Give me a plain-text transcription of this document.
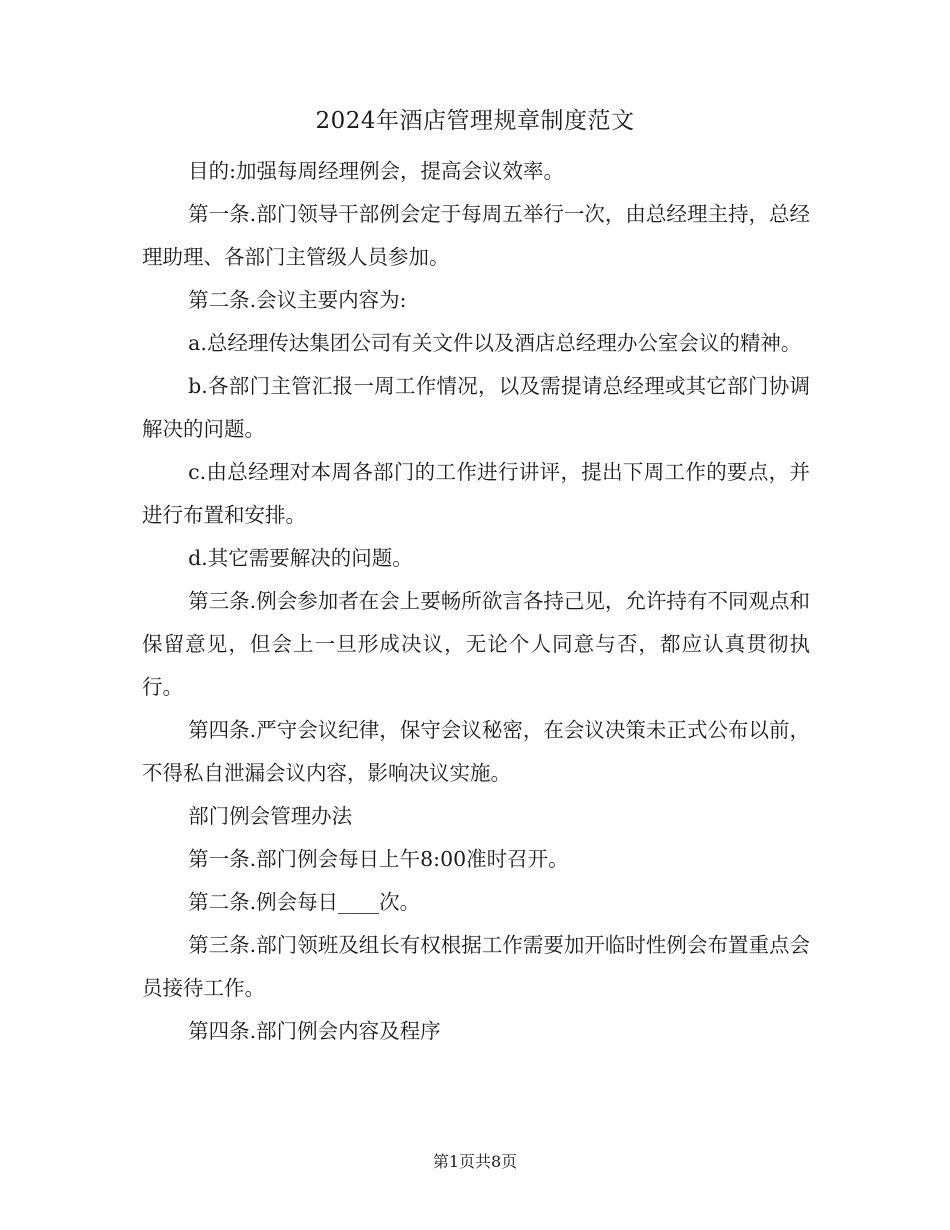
2024年酒店管理规章制度范文

目的:加强每周经理例会，提高会议效率。

第一条.部门领导干部例会定于每周五举行一次，由总经理主持，总经理助理、各部门主管级人员参加。

第二条.会议主要内容为:

a.总经理传达集团公司有关文件以及酒店总经理办公室会议的精神。

b.各部门主管汇报一周工作情况，以及需提请总经理或其它部门协调解决的问题。

c.由总经理对本周各部门的工作进行讲评，提出下周工作的要点，并进行布置和安排。

d.其它需要解决的问题。

第三条.例会参加者在会上要畅所欲言各持己见，允许持有不同观点和保留意见，但会上一旦形成决议，无论个人同意与否，都应认真贯彻执行。

第四条.严守会议纪律，保守会议秘密，在会议决策未正式公布以前，不得私自泄漏会议内容，影响决议实施。

部门例会管理办法

第一条.部门例会每日上午8:00准时召开。

第二条.例会每日____次。

第三条.部门领班及组长有权根据工作需要加开临时性例会布置重点会员接待工作。

第四条.部门例会内容及程序

第1页共8页
